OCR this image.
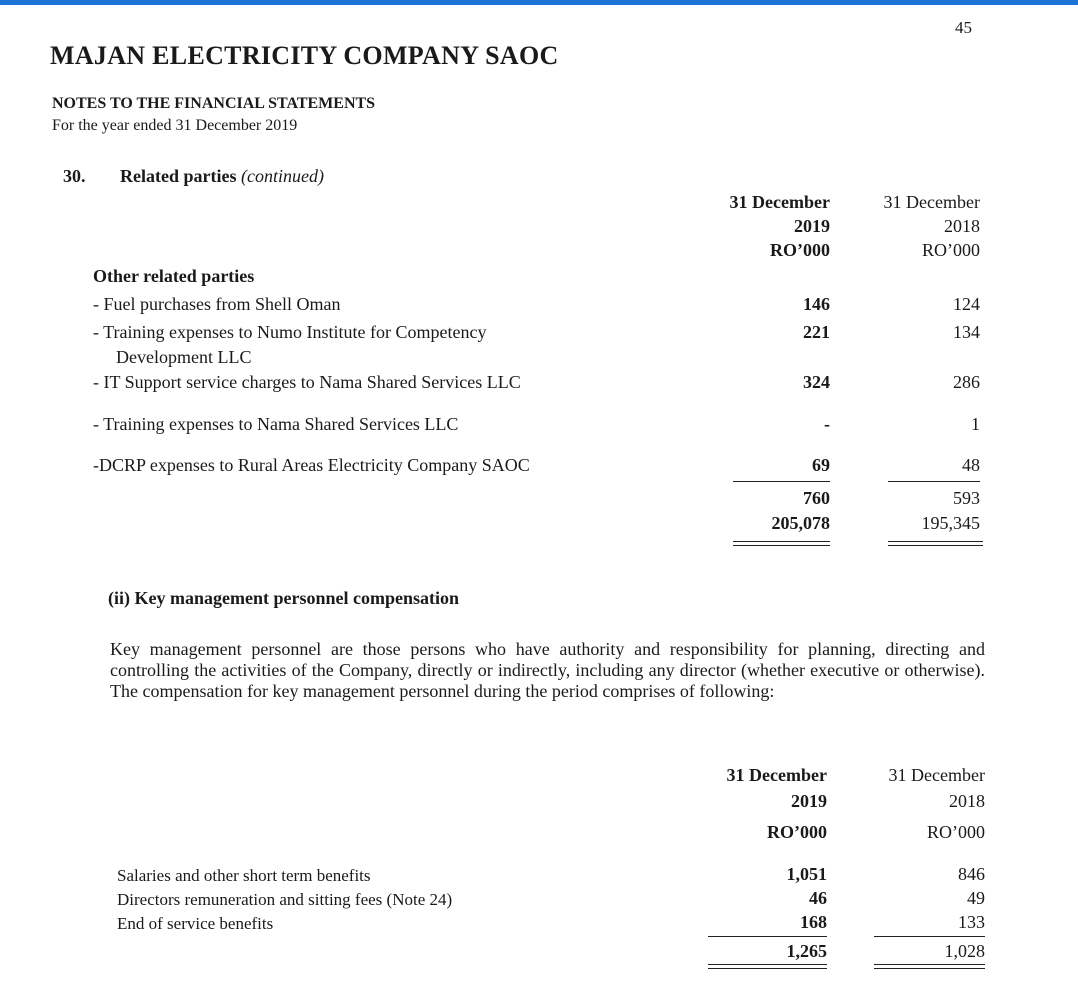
45
MAJAN ELECTRICITY COMPANY SAOC
NOTES TO THE FINANCIAL STATEMENTS
For the year ended 31 December 2019
30. Related parties (continued)
31 December
2019
RO’000
31 December
2018
RO’000
Other related parties
- Fuel purchases from Shell Oman	146	124
- Training expenses to Numo Institute for Competency
Development LLC
221	134
- IT Support service charges to Nama Shared Services LLC	324	286
- Training expenses to Nama Shared Services LLC	-	1
-DCRP expenses to Rural Areas Electricity Company SAOC	69	48
760	593
205,078	195,345
(ii) Key management personnel compensation
Key management personnel are those persons who have authority and responsibility for planning, directing and controlling the activities of the Company, directly or indirectly, including any director (whether executive or otherwise). The compensation for key management personnel during the period comprises of following:
31 December
2019
RO’000
31 December
2018
RO’000
Salaries and other short term benefits	1,051	846
Directors remuneration and sitting fees (Note 24)	46	49
End of service benefits	168	133
1,265	1,028
